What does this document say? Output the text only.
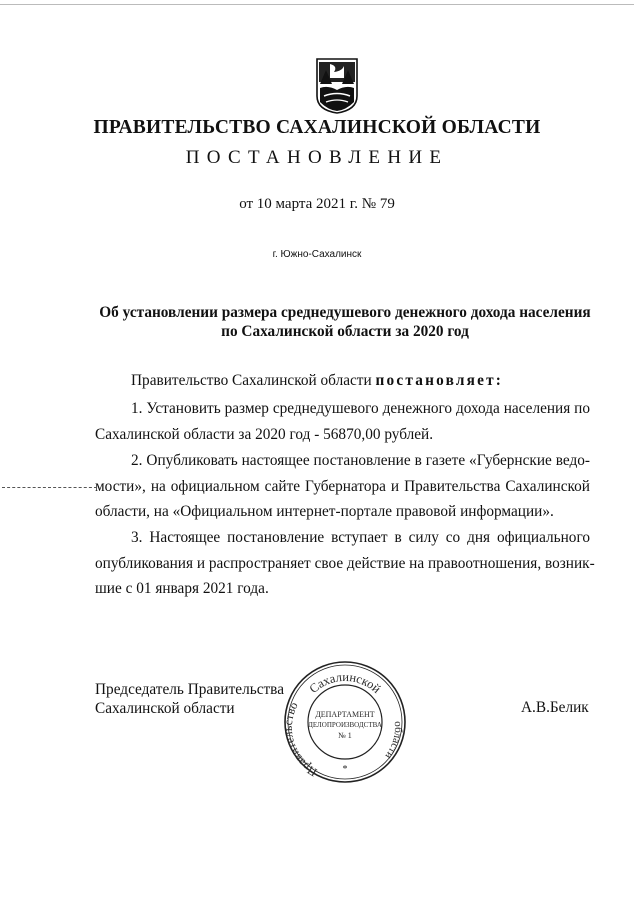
ПРАВИТЕЛЬСТВО САХАЛИНСКОЙ ОБЛАСТИ
ПОСТАНОВЛЕНИЕ
от 10 марта 2021 г. № 79
г. Южно-Сахалинск
Об установлении размера среднедушевого денежного дохода населения
по Сахалинской области за 2020 год
Правительство Сахалинской области постановляет:
1. Установить размер среднедушевого денежного дохода населения по
Сахалинской области за 2020 год - 56870,00 рублей.
2. Опубликовать настоящее постановление в газете «Губернские ведо-
мости», на официальном сайте Губернатора и Правительства Сахалинской
области, на «Официальном интернет-портале правовой информации».
3. Настоящее постановление вступает в силу со дня официального
опубликования и распространяет свое действие на правоотношения, возник-
шие с 01 января 2021 года.
Председатель Правительства
Сахалинской области	А.В.Белик
Сахалинской
Правите тво
области
*
ДЕПАРТАМЕНТ
ДЕЛОПРОИЗВОДСТВА
№ 1
